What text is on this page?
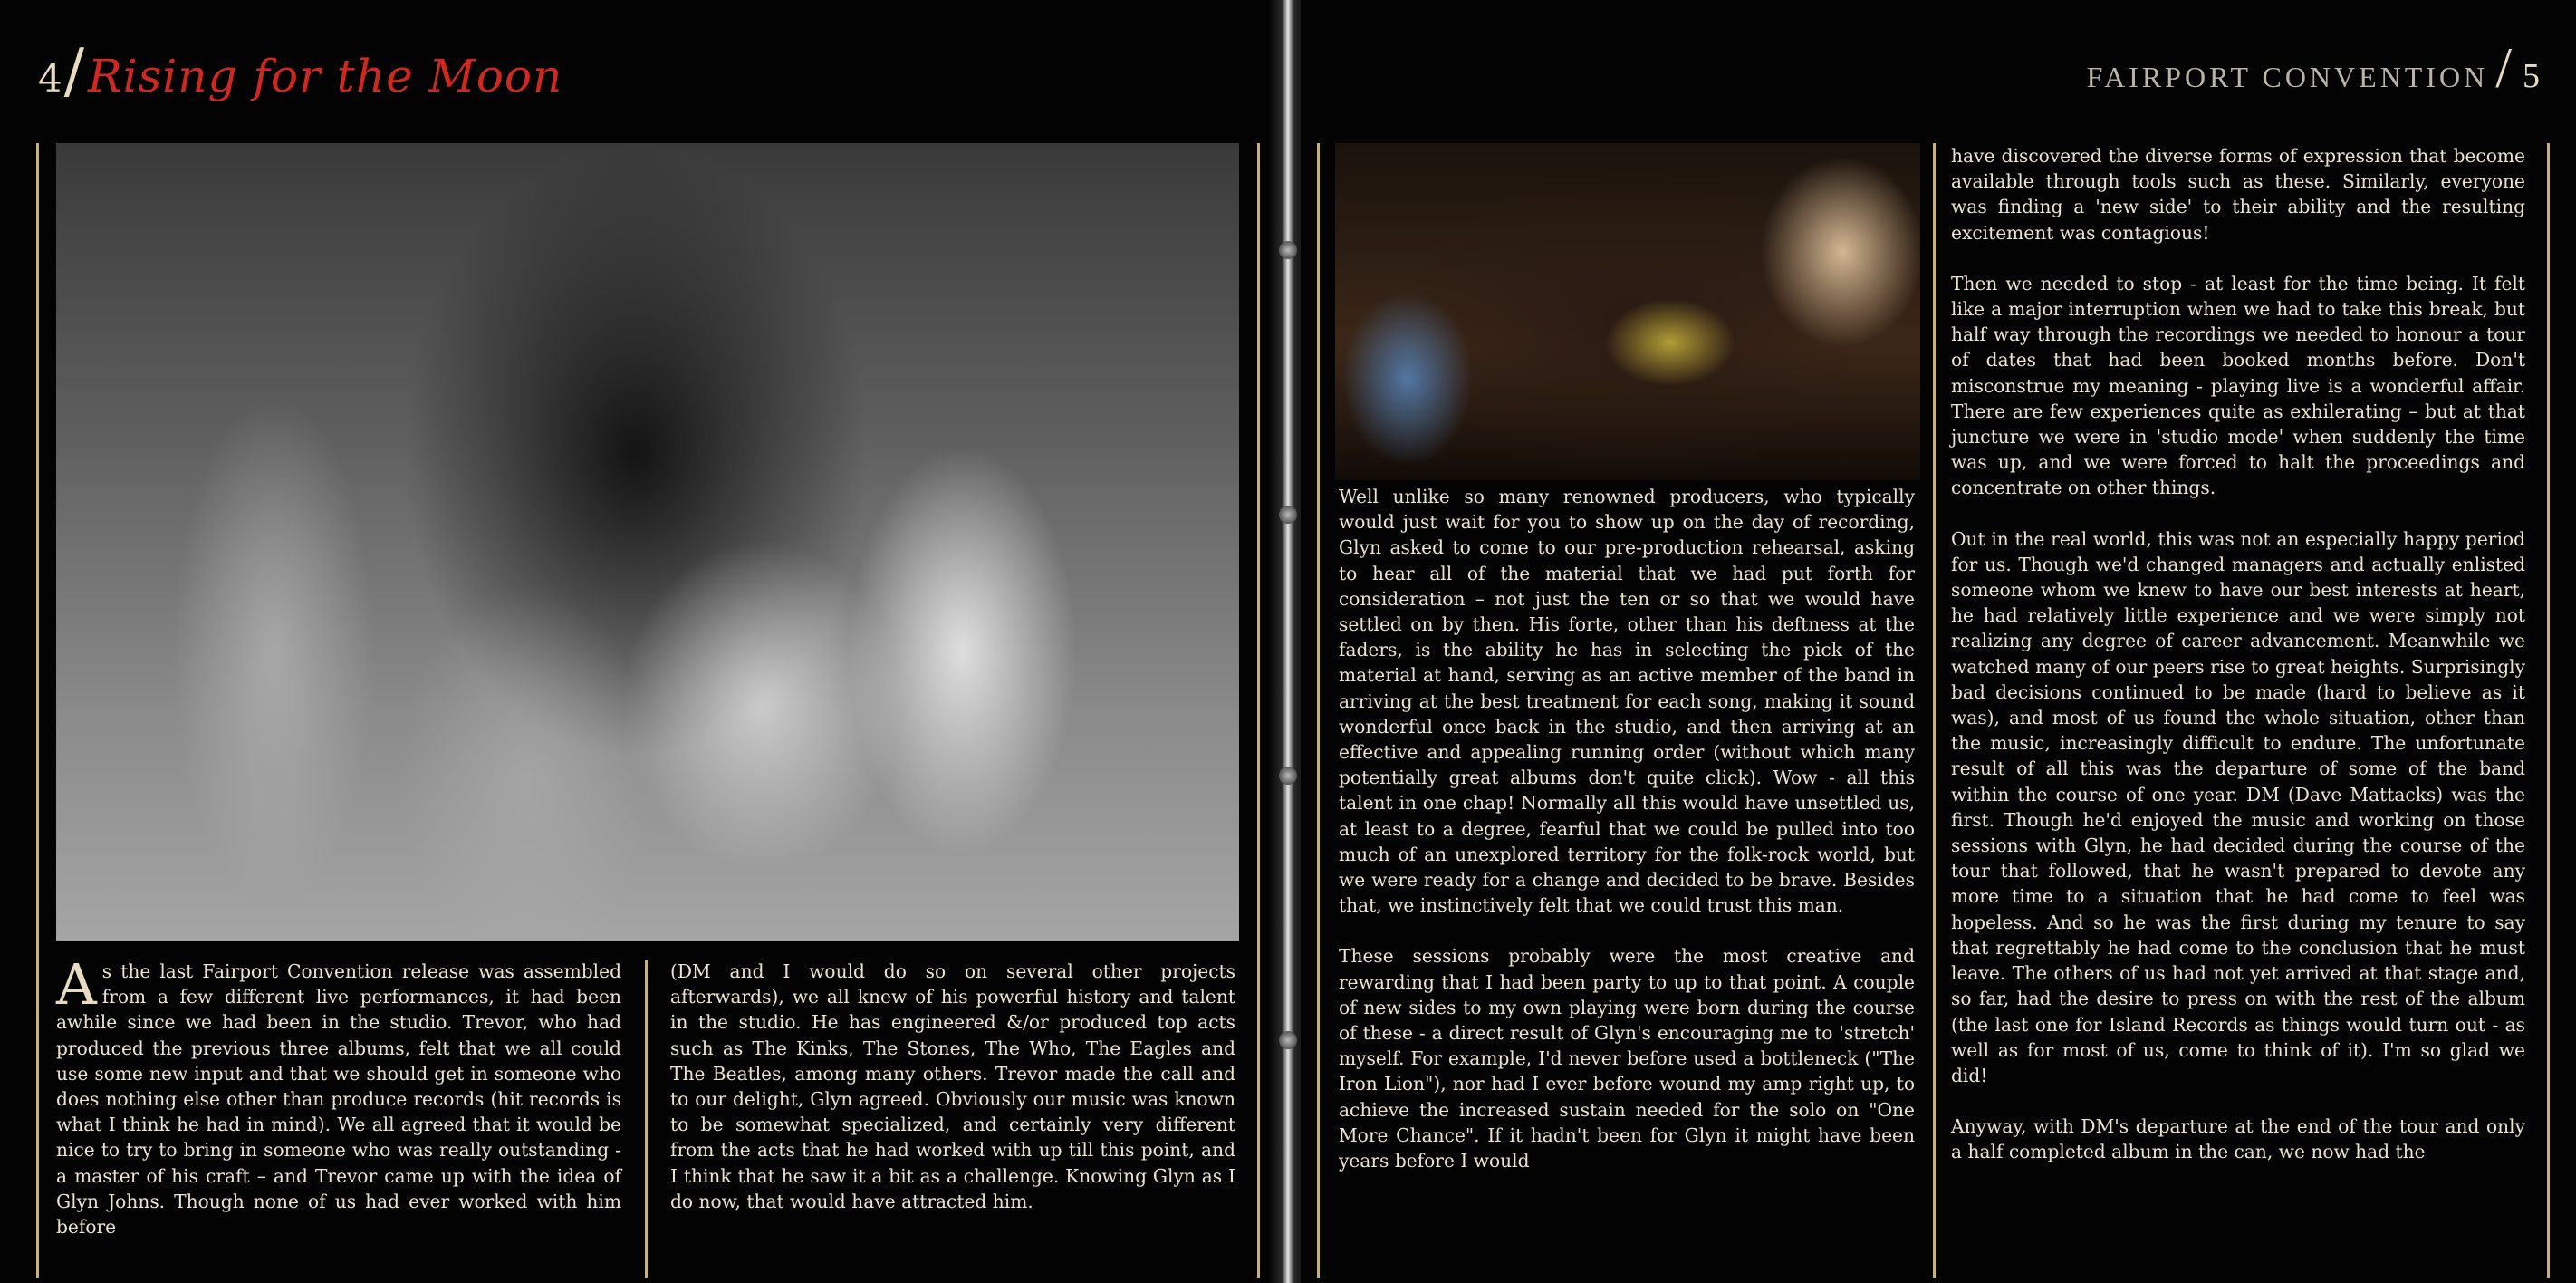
4/Rising for the Moon

As the last Fairport Convention release was assembled from a few different live performances, it had been awhile since we had been in the studio. Trevor, who had produced the previous three albums, felt that we all could use some new input and that we should get in someone who does nothing else other than produce records (hit records is what I think he had in mind). We all agreed that it would be nice to try to bring in someone who was really outstanding - a master of his craft – and Trevor came up with the idea of Glyn Johns. Though none of us had ever worked with him before

(DM and I would do so on several other projects afterwards), we all knew of his powerful history and talent in the studio. He has engineered &/or produced top acts such as The Kinks, The Stones, The Who, The Eagles and The Beatles, among many others. Trevor made the call and to our delight, Glyn agreed. Obviously our music was known to be somewhat specialized, and certainly very different from the acts that he had worked with up till this point, and I think that he saw it a bit as a challenge. Knowing Glyn as I do now, that would have attracted him.

FAIRPORT CONVENTION / 5

Well unlike so many renowned producers, who typically would just wait for you to show up on the day of recording, Glyn asked to come to our pre-production rehearsal, asking to hear all of the material that we had put forth for consideration – not just the ten or so that we would have settled on by then. His forte, other than his deftness at the faders, is the ability he has in selecting the pick of the material at hand, serving as an active member of the band in arriving at the best treatment for each song, making it sound wonderful once back in the studio, and then arriving at an effective and appealing running order (without which many potentially great albums don't quite click). Wow - all this talent in one chap! Normally all this would have unsettled us, at least to a degree, fearful that we could be pulled into too much of an unexplored territory for the folk-rock world, but we were ready for a change and decided to be brave. Besides that, we instinctively felt that we could trust this man.

These sessions probably were the most creative and rewarding that I had been party to up to that point. A couple of new sides to my own playing were born during the course of these - a direct result of Glyn's encouraging me to 'stretch' myself. For example, I'd never before used a bottleneck ("The Iron Lion"), nor had I ever before wound my amp right up, to achieve the increased sustain needed for the solo on "One More Chance". If it hadn't been for Glyn it might have been years before I would

have discovered the diverse forms of expression that become available through tools such as these. Similarly, everyone was finding a 'new side' to their ability and the resulting excitement was contagious!

Then we needed to stop - at least for the time being. It felt like a major interruption when we had to take this break, but half way through the recordings we needed to honour a tour of dates that had been booked months before. Don't misconstrue my meaning - playing live is a wonderful affair. There are few experiences quite as exhilerating – but at that juncture we were in 'studio mode' when suddenly the time was up, and we were forced to halt the proceedings and concentrate on other things.

Out in the real world, this was not an especially happy period for us. Though we'd changed managers and actually enlisted someone whom we knew to have our best interests at heart, he had relatively little experience and we were simply not realizing any degree of career advancement. Meanwhile we watched many of our peers rise to great heights. Surprisingly bad decisions continued to be made (hard to believe as it was), and most of us found the whole situation, other than the music, increasingly difficult to endure. The unfortunate result of all this was the departure of some of the band within the course of one year. DM (Dave Mattacks) was the first. Though he'd enjoyed the music and working on those sessions with Glyn, he had decided during the course of the tour that followed, that he wasn't prepared to devote any more time to a situation that he had come to feel was hopeless. And so he was the first during my tenure to say that regrettably he had come to the conclusion that he must leave. The others of us had not yet arrived at that stage and, so far, had the desire to press on with the rest of the album (the last one for Island Records as things would turn out - as well as for most of us, come to think of it). I'm so glad we did!

Anyway, with DM's departure at the end of the tour and only a half completed album in the can, we now had the
